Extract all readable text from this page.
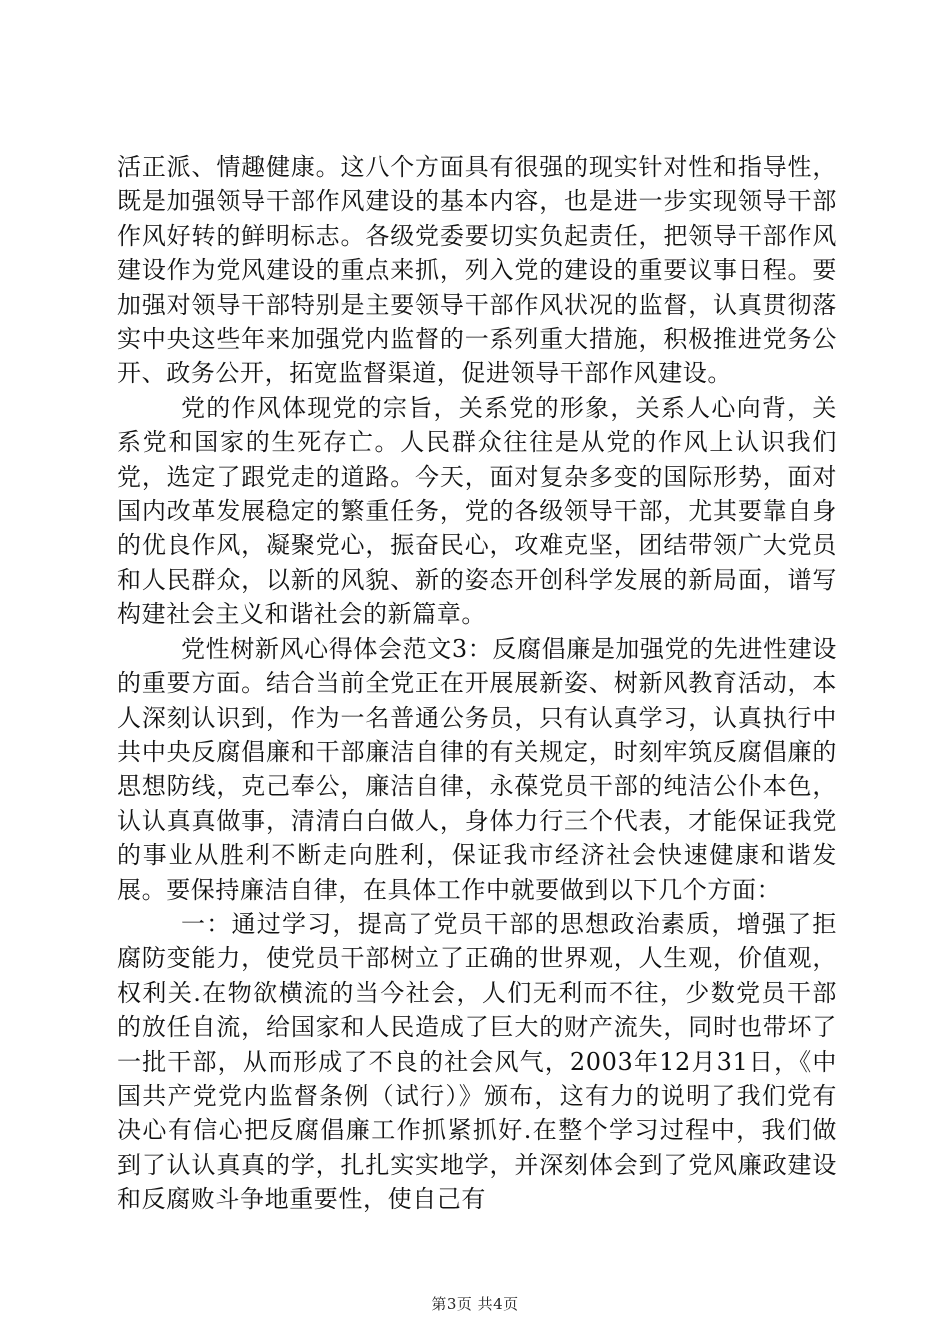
活正派、情趣健康。这八个方面具有很强的现实针对性和指导性，既是加强领导干部作风建设的基本内容，也是进一步实现领导干部作风好转的鲜明标志。各级党委要切实负起责任，把领导干部作风建设作为党风建设的重点来抓，列入党的建设的重要议事日程。要加强对领导干部特别是主要领导干部作风状况的监督，认真贯彻落实中央这些年来加强党内监督的一系列重大措施，积极推进党务公开、政务公开，拓宽监督渠道，促进领导干部作风建设。

党的作风体现党的宗旨，关系党的形象，关系人心向背，关系党和国家的生死存亡。人民群众往往是从党的作风上认识我们党，选定了跟党走的道路。今天，面对复杂多变的国际形势，面对国内改革发展稳定的繁重任务，党的各级领导干部，尤其要靠自身的优良作风，凝聚党心，振奋民心，攻难克坚，团结带领广大党员和人民群众，以新的风貌、新的姿态开创科学发展的新局面，谱写构建社会主义和谐社会的新篇章。

党性树新风心得体会范文3：反腐倡廉是加强党的先进性建设的重要方面。结合当前全党正在开展展新姿、树新风教育活动，本人深刻认识到，作为一名普通公务员，只有认真学习，认真执行中共中央反腐倡廉和干部廉洁自律的有关规定，时刻牢筑反腐倡廉的思想防线，克己奉公，廉洁自律，永葆党员干部的纯洁公仆本色，认认真真做事，清清白白做人，身体力行三个代表，才能保证我党的事业从胜利不断走向胜利，保证我市经济社会快速健康和谐发展。要保持廉洁自律，在具体工作中就要做到以下几个方面：

一：通过学习，提高了党员干部的思想政治素质，增强了拒腐防变能力，使党员干部树立了正确的世界观，人生观，价值观，权利关.在物欲横流的当今社会，人们无利而不往，少数党员干部的放任自流，给国家和人民造成了巨大的财产流失，同时也带坏了一批干部，从而形成了不良的社会风气，2003年12月31日，《中国共产党党内监督条例（试行）》颁布，这有力的说明了我们党有决心有信心把反腐倡廉工作抓紧抓好.在整个学习过程中，我们做到了认认真真的学，扎扎实实地学，并深刻体会到了党风廉政建设和反腐败斗争地重要性，使自己有

第3页 共4页
